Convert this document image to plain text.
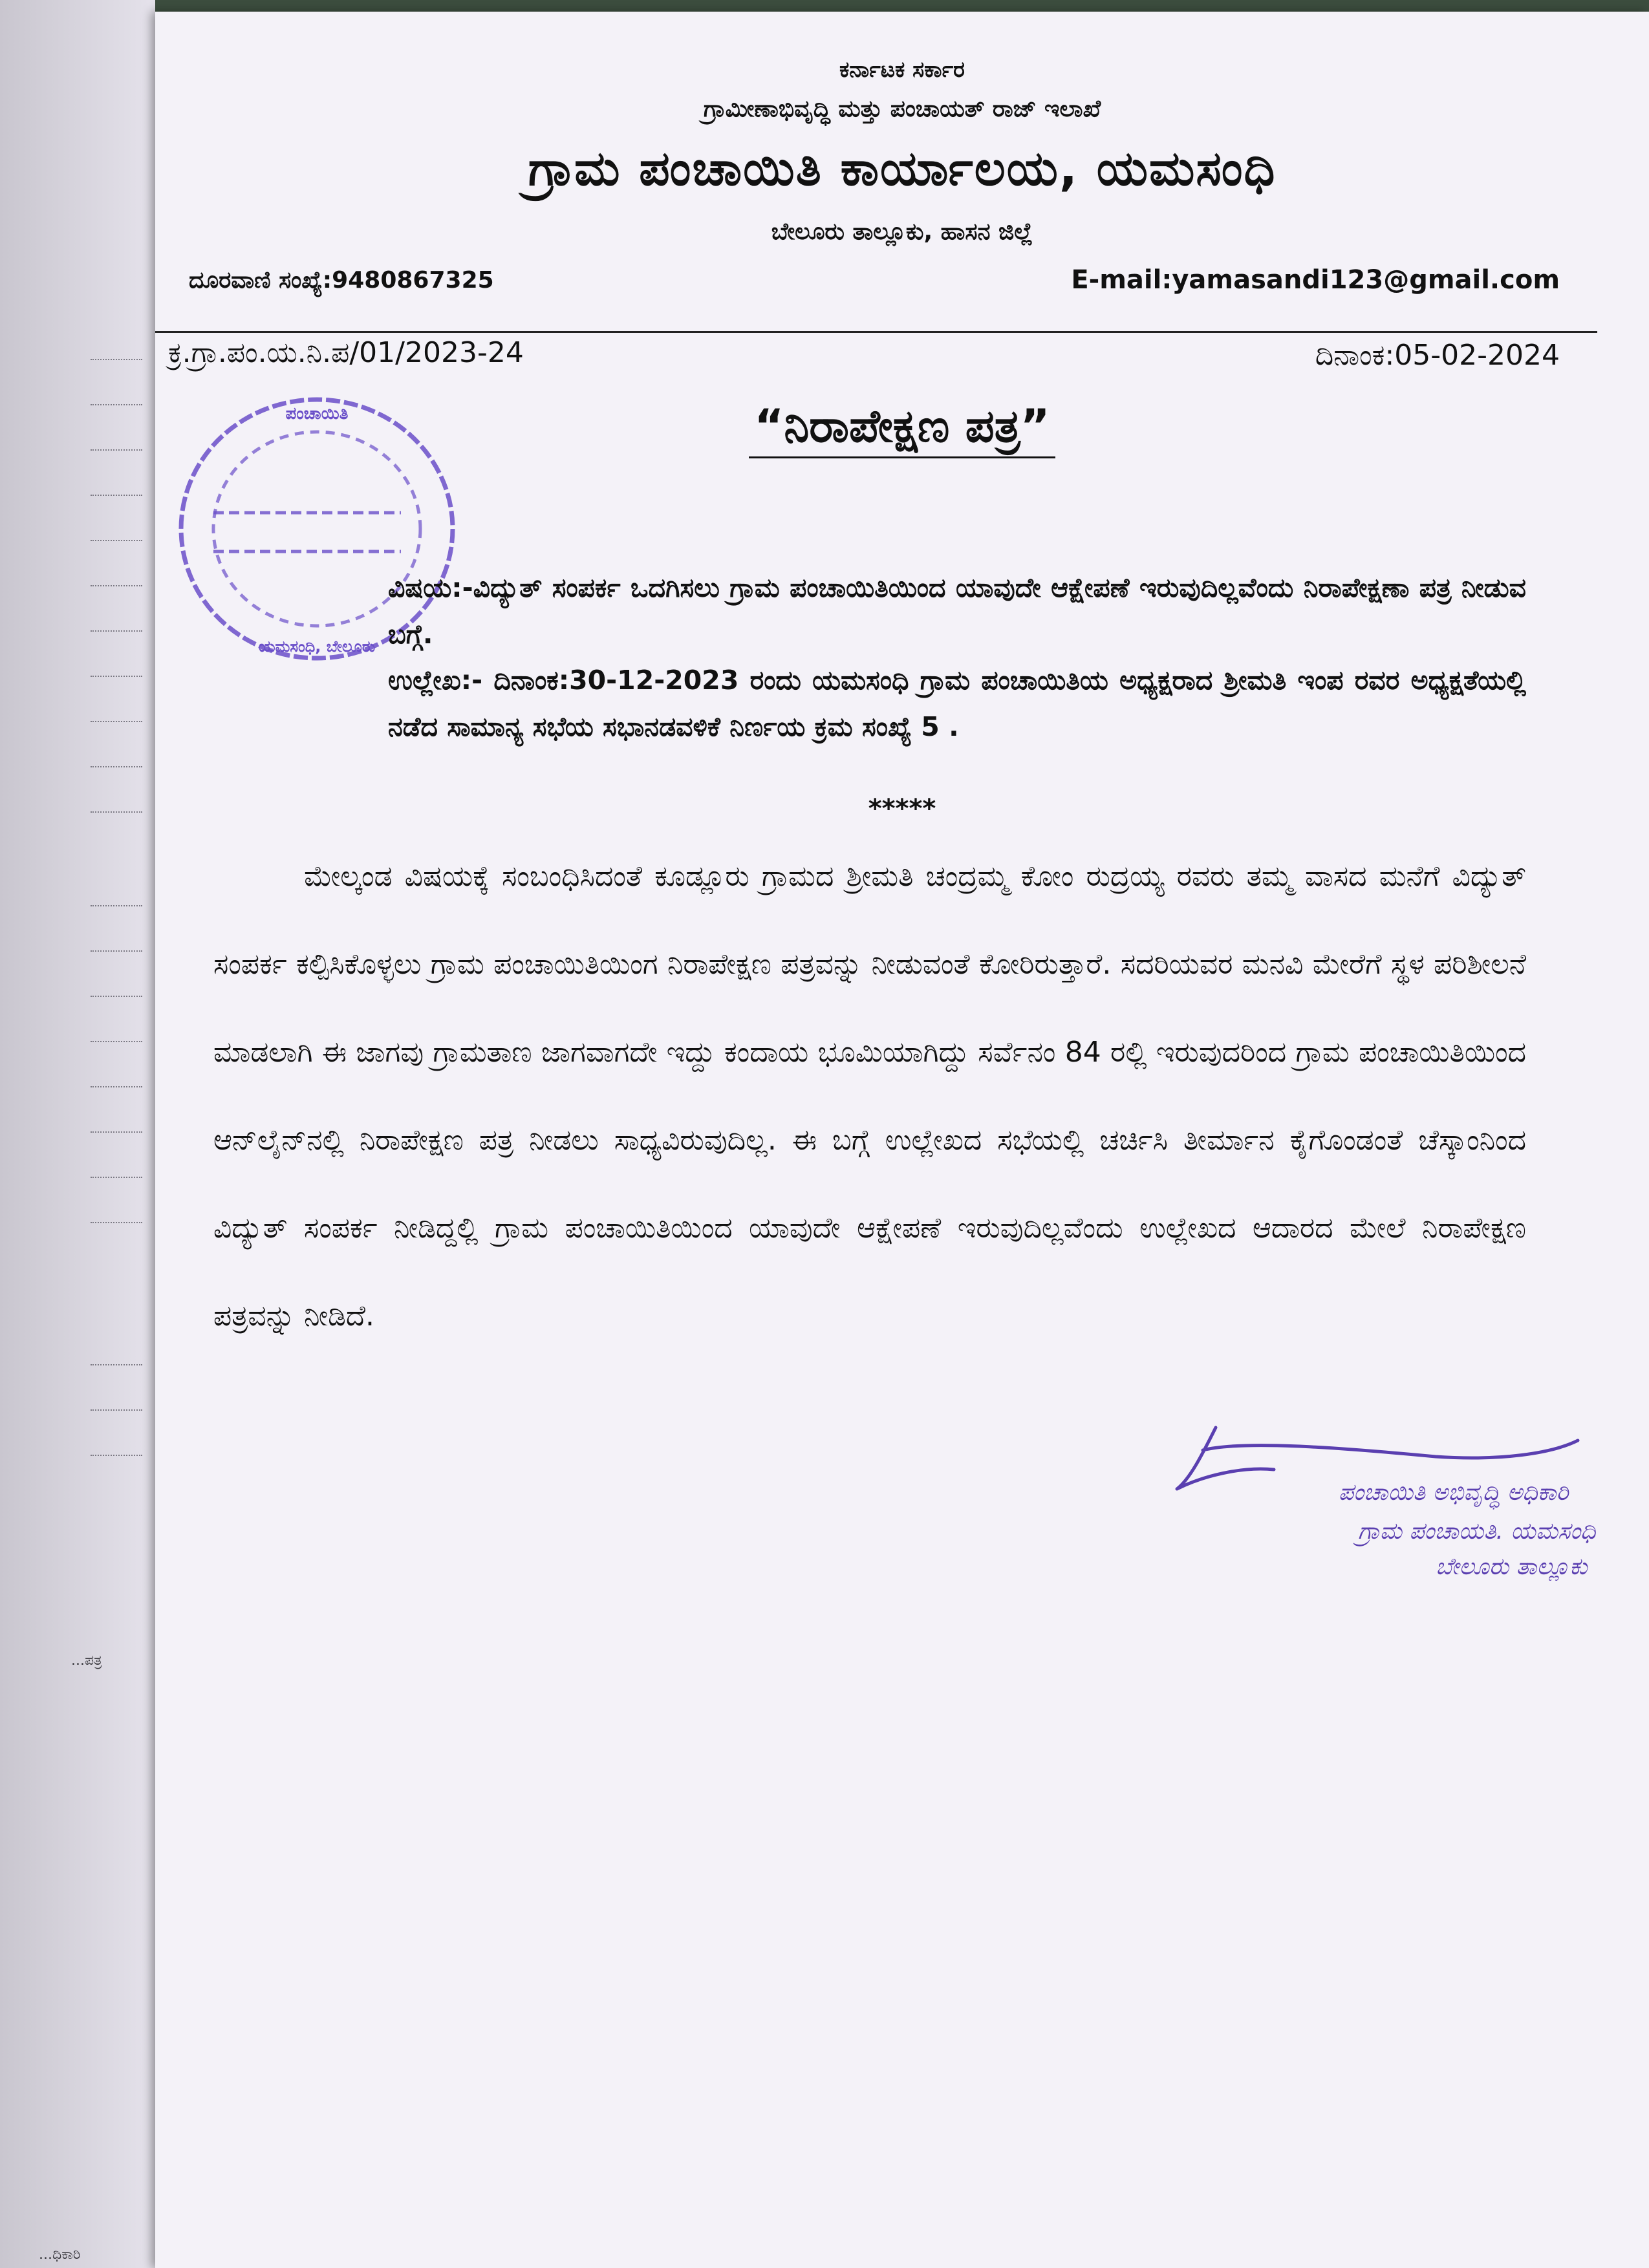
...ಪತ್ರ
...ಧಿಕಾರಿ
ಕರ್ನಾಟಕ ಸರ್ಕಾರ
ಗ್ರಾಮೀಣಾಭಿವೃದ್ಧಿ ಮತ್ತು ಪಂಚಾಯತ್ ರಾಜ್ ಇಲಾಖೆ
ಗ್ರಾಮ ಪಂಚಾಯಿತಿ ಕಾರ್ಯಾಲಯ, ಯಮಸಂಧಿ
ಬೇಲೂರು ತಾಲ್ಲೂಕು, ಹಾಸನ ಜಿಲ್ಲೆ
ದೂರವಾಣಿ ಸಂಖ್ಯೆ:9480867325	E-mail:yamasandi123@gmail.com
ಕ್ರ.ಗ್ರಾ.ಪಂ.ಯ.ನಿ.ಪ/01/2023-24	ದಿನಾಂಕ:05-02-2024
ಪಂಚಾಯಿತಿ
ಯಮಸಂಧಿ, ಬೇಲೂರು
“ನಿರಾಪೇಕ್ಷಣ ಪತ್ರ”
ವಿಷಯ:-ವಿದ್ಯುತ್ ಸಂಪರ್ಕ ಒದಗಿಸಲು ಗ್ರಾಮ ಪಂಚಾಯಿತಿಯಿಂದ ಯಾವುದೇ ಆಕ್ಷೇಪಣೆ ಇರುವುದಿಲ್ಲವೆಂದು ನಿರಾಪೇಕ್ಷಣಾ ಪತ್ರ ನೀಡುವ ಬಗ್ಗೆ.
ಉಲ್ಲೇಖ:- ದಿನಾಂಕ:30-12-2023 ರಂದು ಯಮಸಂಧಿ ಗ್ರಾಮ ಪಂಚಾಯಿತಿಯ ಅಧ್ಯಕ್ಷರಾದ ಶ್ರೀಮತಿ ಇಂಪ ರವರ ಅಧ್ಯಕ್ಷತೆಯಲ್ಲಿ ನಡೆದ ಸಾಮಾನ್ಯ ಸಭೆಯ ಸಭಾನಡವಳಿಕೆ ನಿರ್ಣಯ ಕ್ರಮ ಸಂಖ್ಯೆ 5 .
*****
ಮೇಲ್ಕಂಡ ವಿಷಯಕ್ಕೆ ಸಂಬಂಧಿಸಿದಂತೆ ಕೂಡ್ಲೂರು ಗ್ರಾಮದ ಶ್ರೀಮತಿ ಚಂದ್ರಮ್ಮ ಕೋಂ ರುದ್ರಯ್ಯ ರವರು ತಮ್ಮ ವಾಸದ ಮನೆಗೆ ವಿದ್ಯುತ್ ಸಂಪರ್ಕ ಕಲ್ಪಿಸಿಕೊಳ್ಳಲು ಗ್ರಾಮ ಪಂಚಾಯಿತಿಯಿಂಗ ನಿರಾಪೇಕ್ಷಣ ಪತ್ರವನ್ನು ನೀಡುವಂತೆ ಕೋರಿರುತ್ತಾರೆ. ಸದರಿಯವರ ಮನವಿ ಮೇರೆಗೆ ಸ್ಥಳ ಪರಿಶೀಲನೆ ಮಾಡಲಾಗಿ ಈ ಜಾಗವು ಗ್ರಾಮತಾಣ ಜಾಗವಾಗದೇ ಇದ್ದು ಕಂದಾಯ ಭೂಮಿಯಾಗಿದ್ದು ಸರ್ವೆನಂ 84 ರಲ್ಲಿ ಇರುವುದರಿಂದ ಗ್ರಾಮ ಪಂಚಾಯಿತಿಯಿಂದ ಆನ್‌ಲೈನ್‌ನಲ್ಲಿ ನಿರಾಪೇಕ್ಷಣ ಪತ್ರ ನೀಡಲು ಸಾಧ್ಯವಿರುವುದಿಲ್ಲ. ಈ ಬಗ್ಗೆ ಉಲ್ಲೇಖದ ಸಭೆಯಲ್ಲಿ ಚರ್ಚಿಸಿ ತೀರ್ಮಾನ ಕೈಗೊಂಡಂತೆ ಚೆಸ್ಕಾಂನಿಂದ ವಿದ್ಯುತ್ ಸಂಪರ್ಕ ನೀಡಿದ್ದಲ್ಲಿ ಗ್ರಾಮ ಪಂಚಾಯಿತಿಯಿಂದ ಯಾವುದೇ ಆಕ್ಷೇಪಣೆ ಇರುವುದಿಲ್ಲವೆಂದು ಉಲ್ಲೇಖದ ಆದಾರದ ಮೇಲೆ ನಿರಾಪೇಕ್ಷಣ ಪತ್ರವನ್ನು ನೀಡಿದೆ.
ಪಂಚಾಯಿತಿ ಅಭಿವೃದ್ಧಿ ಅಧಿಕಾರಿ
ಗ್ರಾಮ ಪಂಚಾಯತಿ. ಯಮಸಂಧಿ
ಬೇಲೂರು ತಾಲ್ಲೂಕು
